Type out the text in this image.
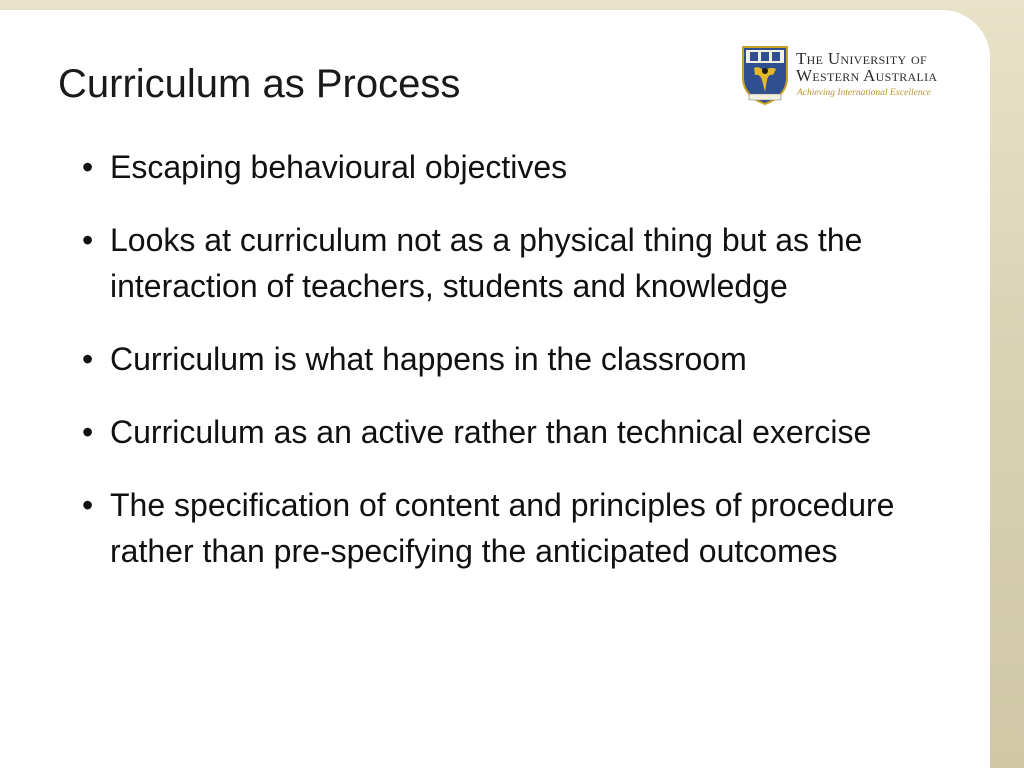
Curriculum as Process
The University of
Western Australia
Achieving International Excellence
• Escaping behavioural objectives
• Looks at curriculum not as a physical thing but as the interaction of teachers, students and knowledge
• Curriculum is what happens in the classroom
• Curriculum as an active rather than technical exercise
• The specification of content and principles of procedure rather than pre-specifying the anticipated outcomes
